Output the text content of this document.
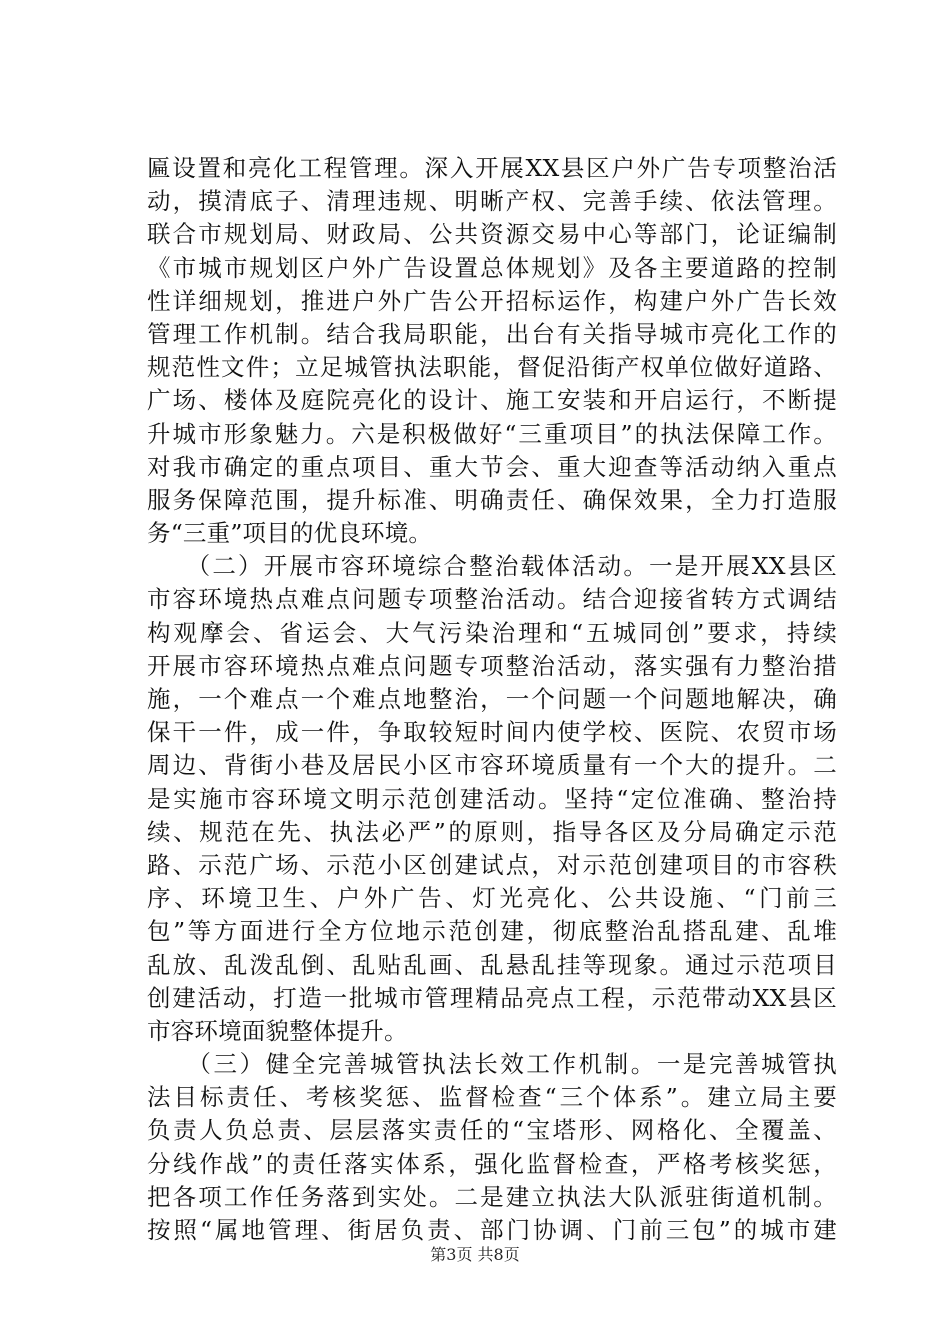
匾设置和亮化工程管理。深入开展XX县区户外广告专项整治活
动，摸清底子、清理违规、明晰产权、完善手续、依法管理。
联合市规划局、财政局、公共资源交易中心等部门，论证编制
《市城市规划区户外广告设置总体规划》及各主要道路的控制
性详细规划，推进户外广告公开招标运作，构建户外广告长效
管理工作机制。结合我局职能，出台有关指导城市亮化工作的
规范性文件；立足城管执法职能，督促沿街产权单位做好道路、
广场、楼体及庭院亮化的设计、施工安装和开启运行，不断提
升城市形象魅力。六是积极做好“三重项目”的执法保障工作。
对我市确定的重点项目、重大节会、重大迎查等活动纳入重点
服务保障范围，提升标准、明确责任、确保效果，全力打造服
务“三重”项目的优良环境。
　　（二）开展市容环境综合整治载体活动。一是开展XX县区
市容环境热点难点问题专项整治活动。结合迎接省转方式调结
构观摩会、省运会、大气污染治理和“五城同创”要求，持续
开展市容环境热点难点问题专项整治活动，落实强有力整治措
施，一个难点一个难点地整治，一个问题一个问题地解决，确
保干一件，成一件，争取较短时间内使学校、医院、农贸市场
周边、背街小巷及居民小区市容环境质量有一个大的提升。二
是实施市容环境文明示范创建活动。坚持“定位准确、整治持
续、规范在先、执法必严”的原则，指导各区及分局确定示范
路、示范广场、示范小区创建试点，对示范创建项目的市容秩
序、环境卫生、户外广告、灯光亮化、公共设施、“门前三
包”等方面进行全方位地示范创建，彻底整治乱搭乱建、乱堆
乱放、乱泼乱倒、乱贴乱画、乱悬乱挂等现象。通过示范项目
创建活动，打造一批城市管理精品亮点工程，示范带动XX县区
市容环境面貌整体提升。
　　（三）健全完善城管执法长效工作机制。一是完善城管执
法目标责任、考核奖惩、监督检查“三个体系”。建立局主要
负责人负总责、层层落实责任的“宝塔形、网格化、全覆盖、
分线作战”的责任落实体系，强化监督检查，严格考核奖惩，
把各项工作任务落到实处。二是建立执法大队派驻街道机制。
按照“属地管理、街居负责、部门协调、门前三包”的城市建
第3页 共8页
